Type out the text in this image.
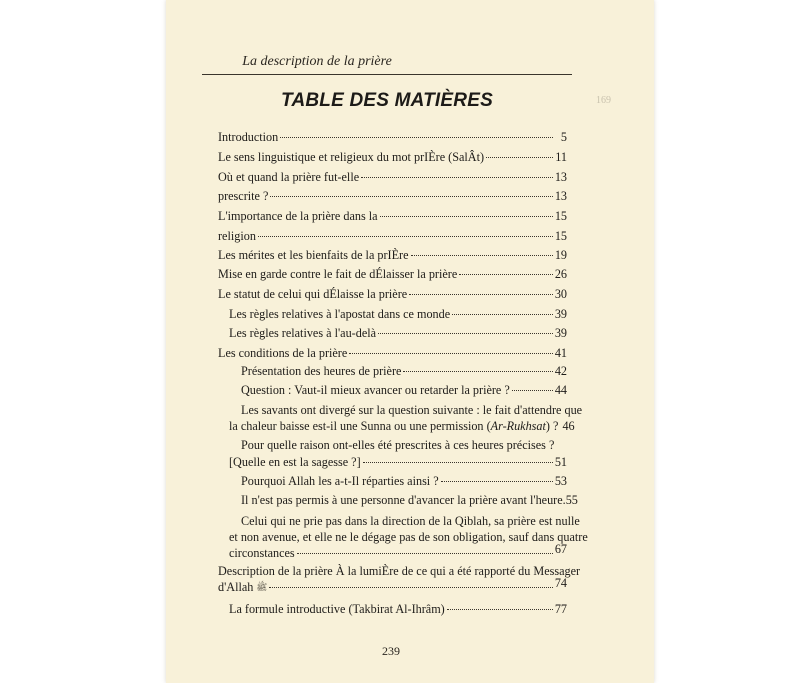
169
La description de la prière
TABLE DES MATIÈRES
Introduction	5
Le sens linguistique et religieux du mot prIÈre (SalÂt)	11
Où et quand la prière fut-elle	13
prescrite ?	13
L'importance de la prière dans la	15
religion	15
Les mérites et les bienfaits de la prIÈre	19
Mise en garde contre le fait de dÉlaisser la prière	26
Le statut de celui qui dÉlaisse la prière	30
Les règles relatives à l'apostat dans ce monde	39
Les règles relatives à l'au-delà	39
Les conditions de la prière	41
Présentation des heures de prière	42
Question : Vaut-il mieux avancer ou retarder la prière ?	44
Les savants ont divergé sur la question suivante : le fait d'attendre que
la chaleur baisse est-il une Sunna ou une permission (Ar-Rukhsat) ? 46
Pour quelle raison ont-elles été prescrites à ces heures précises ?
[Quelle en est la sagesse ?]	51
Pourquoi Allah les a-t-Il réparties ainsi ?	53
Il n'est pas permis à une personne d'avancer la prière avant l'heure. 55
Celui qui ne prie pas dans la direction de la Qiblah, sa prière est nulle
et non avenue, et elle ne le dégage pas de son obligation, sauf dans quatre
circonstances	67
Description de la prière À la lumiÈre de ce qui a été rapporté du Messager
d'Allah ﷺ	74
La formule introductive (Takbirat Al-Ihrâm)	77
239
